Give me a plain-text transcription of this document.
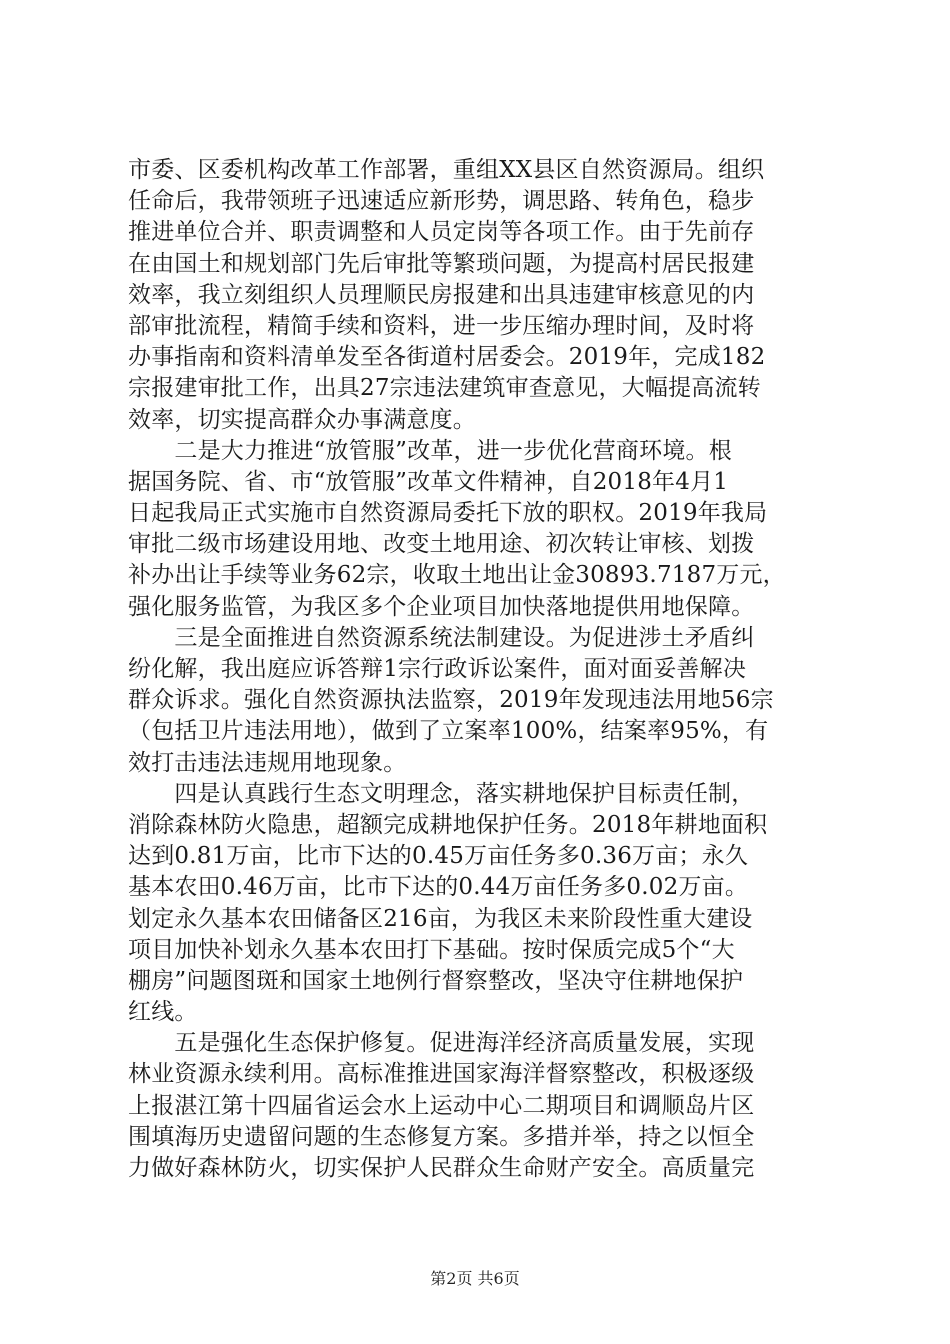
市委、区委机构改革工作部署，重组XX县区自然资源局。组织
任命后，我带领班子迅速适应新形势，调思路、转角色，稳步
推进单位合并、职责调整和人员定岗等各项工作。由于先前存
在由国土和规划部门先后审批等繁琐问题，为提高村居民报建
效率，我立刻组织人员理顺民房报建和出具违建审核意见的内
部审批流程，精简手续和资料，进一步压缩办理时间，及时将
办事指南和资料清单发至各街道村居委会。2019年，完成182
宗报建审批工作，出具27宗违法建筑审查意见，大幅提高流转
效率，切实提高群众办事满意度。
　　二是大力推进“放管服”改革，进一步优化营商环境。根
据国务院、省、市“放管服”改革文件精神，自2018年4月1
日起我局正式实施市自然资源局委托下放的职权。2019年我局
审批二级市场建设用地、改变土地用途、初次转让审核、划拨
补办出让手续等业务62宗，收取土地出让金30893.7187万元，
强化服务监管，为我区多个企业项目加快落地提供用地保障。
　　三是全面推进自然资源系统法制建设。为促进涉土矛盾纠
纷化解，我出庭应诉答辩1宗行政诉讼案件，面对面妥善解决
群众诉求。强化自然资源执法监察，2019年发现违法用地56宗
（包括卫片违法用地），做到了立案率100%，结案率95%，有
效打击违法违规用地现象。
　　四是认真践行生态文明理念，落实耕地保护目标责任制，
消除森林防火隐患，超额完成耕地保护任务。2018年耕地面积
达到0.81万亩，比市下达的0.45万亩任务多0.36万亩；永久
基本农田0.46万亩，比市下达的0.44万亩任务多0.02万亩。
划定永久基本农田储备区216亩，为我区未来阶段性重大建设
项目加快补划永久基本农田打下基础。按时保质完成5个“大
棚房”问题图斑和国家土地例行督察整改，坚决守住耕地保护
红线。
　　五是强化生态保护修复。促进海洋经济高质量发展，实现
林业资源永续利用。高标准推进国家海洋督察整改，积极逐级
上报湛江第十四届省运会水上运动中心二期项目和调顺岛片区
围填海历史遗留问题的生态修复方案。多措并举，持之以恒全
力做好森林防火，切实保护人民群众生命财产安全。高质量完
第2页 共6页
